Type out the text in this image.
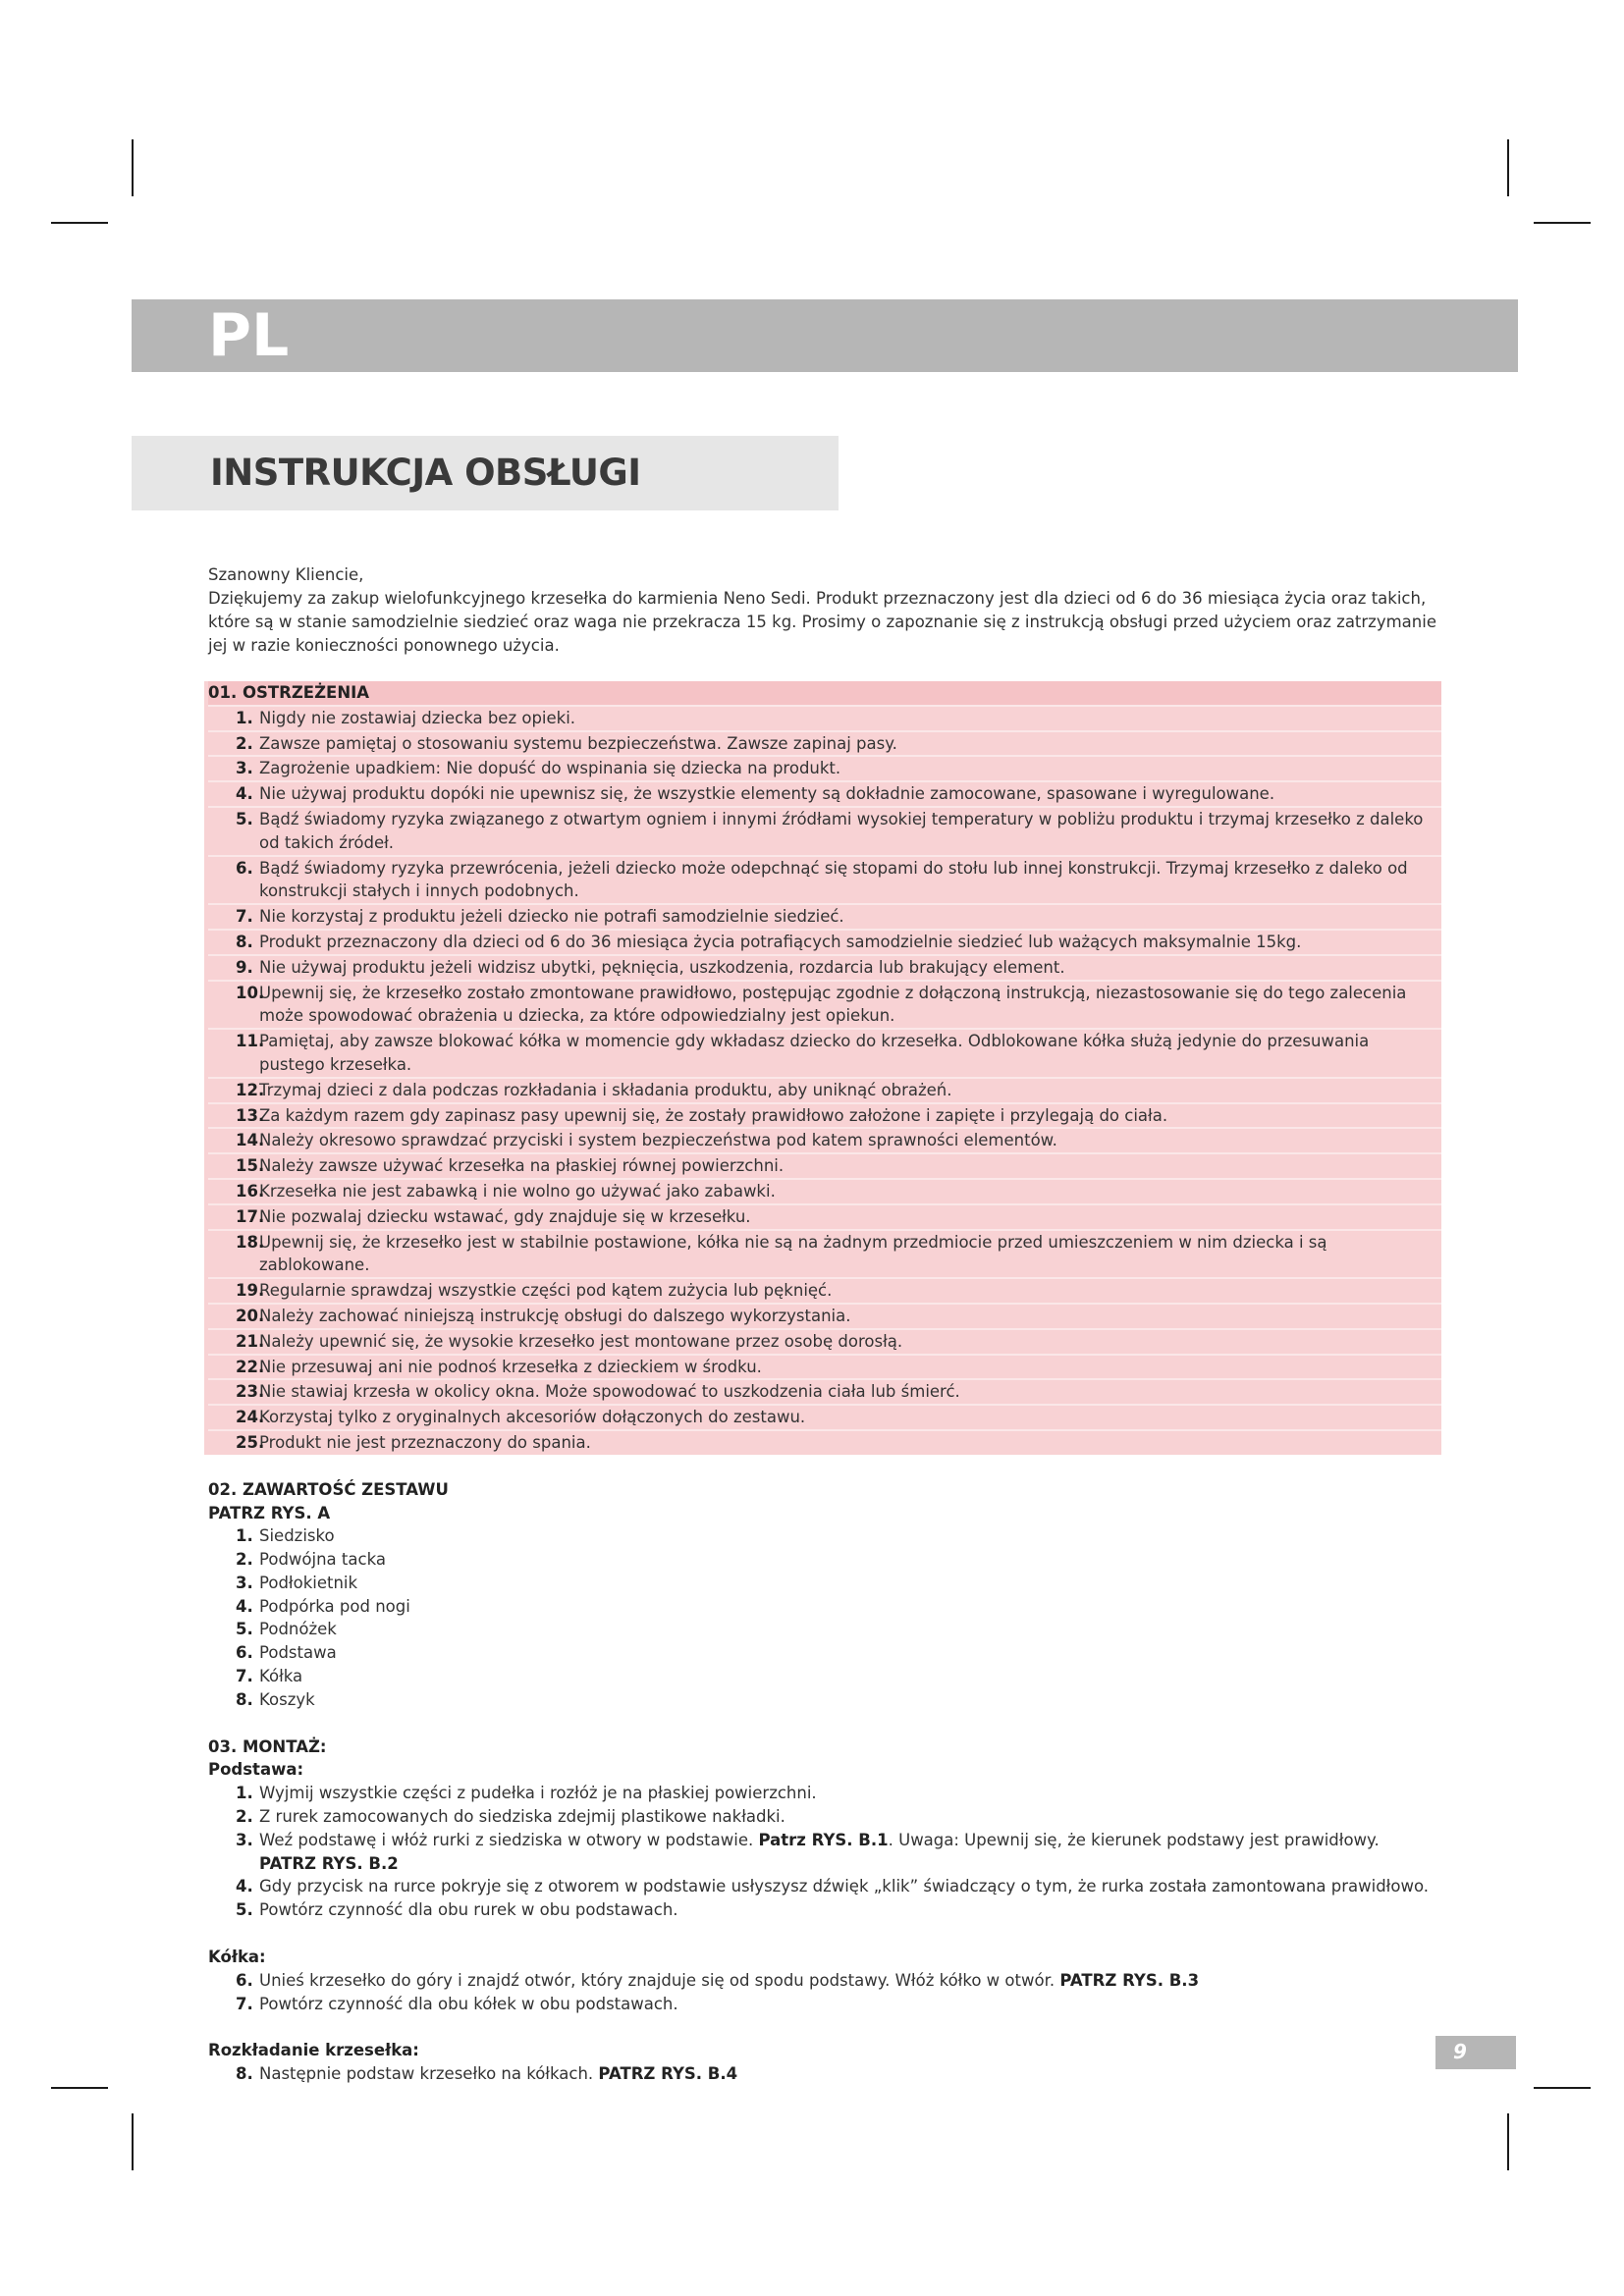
PL
INSTRUKCJA OBSŁUGI

Szanowny Kliencie,

Dziękujemy za zakup wielofunkcyjnego krzesełka do karmienia Neno Sedi. Produkt przeznaczony jest dla dzieci od 6 do 36 miesiąca życia oraz takich, które są w stanie samodzielnie siedzieć oraz waga nie przekracza 15 kg. Prosimy o zapoznanie się z instrukcją obsługi przed użyciem oraz zatrzymanie jej w razie konieczności ponownego użycia.

01. OSTRZEŻENIA
1. Nigdy nie zostawiaj dziecka bez opieki.
2. Zawsze pamiętaj o stosowaniu systemu bezpieczeństwa. Zawsze zapinaj pasy.
3. Zagrożenie upadkiem: Nie dopuść do wspinania się dziecka na produkt.
4. Nie używaj produktu dopóki nie upewnisz się, że wszystkie elementy są dokładnie zamocowane, spasowane i wyregulowane.
5. Bądź świadomy ryzyka związanego z otwartym ogniem i innymi źródłami wysokiej temperatury w pobliżu produktu i trzymaj krzesełko z daleko od takich źródeł.
6. Bądź świadomy ryzyka przewrócenia, jeżeli dziecko może odepchnąć się stopami do stołu lub innej konstrukcji. Trzymaj krzesełko z daleko od konstrukcji stałych i innych podobnych.
7. Nie korzystaj z produktu jeżeli dziecko nie potrafi samodzielnie siedzieć.
8. Produkt przeznaczony dla dzieci od 6 do 36 miesiąca życia potrafiących samodzielnie siedzieć lub ważących maksymalnie 15kg.
9. Nie używaj produktu jeżeli widzisz ubytki, pęknięcia, uszkodzenia, rozdarcia lub brakujący element.
10.
Upewnij się, że krzesełko zostało zmontowane prawidłowo, postępując zgodnie z dołączoną instrukcją, niezastosowanie się do tego zalecenia może spowodować obrażenia u dziecka, za które odpowiedzialny jest opiekun.
11.
Pamiętaj, aby zawsze blokować kółka w momencie gdy wkładasz dziecko do krzesełka. Odblokowane kółka służą jedynie do przesuwania pustego krzesełka.
12.
Trzymaj dzieci z dala podczas rozkładania i składania produktu, aby uniknąć obrażeń.
13.
Za każdym razem gdy zapinasz pasy upewnij się, że zostały prawidłowo założone i zapięte i przylegają do ciała.
14.
Należy okresowo sprawdzać przyciski i system bezpieczeństwa pod katem sprawności elementów.
15.
Należy zawsze używać krzesełka na płaskiej równej powierzchni.
16.
Krzesełka nie jest zabawką i nie wolno go używać jako zabawki.
17.
Nie pozwalaj dziecku wstawać, gdy znajduje się w krzesełku.
18.
Upewnij się, że krzesełko jest w stabilnie postawione, kółka nie są na żadnym przedmiocie przed umieszczeniem w nim dziecka i są zablokowane.
19.
Regularnie sprawdzaj wszystkie części pod kątem zużycia lub pęknięć.
20.
Należy zachować niniejszą instrukcję obsługi do dalszego wykorzystania.
21.
Należy upewnić się, że wysokie krzesełko jest montowane przez osobę dorosłą.
22.
Nie przesuwaj ani nie podnoś krzesełka z dzieckiem w środku.
23.
Nie stawiaj krzesła w okolicy okna. Może spowodować to uszkodzenia ciała lub śmierć.
24.
Korzystaj tylko z oryginalnych akcesoriów dołączonych do zestawu.
25.
Produkt nie jest przeznaczony do spania.
02. ZAWARTOŚĆ ZESTAWU
PATRZ RYS. A
1. Siedzisko
2. Podwójna tacka
3. Podłokietnik
4. Podpórka pod nogi
5. Podnóżek
6. Podstawa
7. Kółka
8. Koszyk
03. MONTAŻ:
Podstawa:
1. Wyjmij wszystkie części z pudełka i rozłóż je na płaskiej powierzchni.
2. Z rurek zamocowanych do siedziska zdejmij plastikowe nakładki.
3. Weź podstawę i włóż rurki z siedziska w otwory w podstawie. Patrz RYS. B.1. Uwaga: Upewnij się, że kierunek podstawy jest prawidłowy. PATRZ RYS. B.2
4. Gdy przycisk na rurce pokryje się z otworem w podstawie usłyszysz dźwięk „klik” świadczący o tym, że rurka została zamontowana prawidłowo.
5. Powtórz czynność dla obu rurek w obu podstawach.
Kółka:
6. Unieś krzesełko do góry i znajdź otwór, który znajduje się od spodu podstawy. Włóż kółko w otwór. PATRZ RYS. B.3
7. Powtórz czynność dla obu kółek w obu podstawach.
Rozkładanie krzesełka:
8. Następnie podstaw krzesełko na kółkach. PATRZ RYS. B.4
9
